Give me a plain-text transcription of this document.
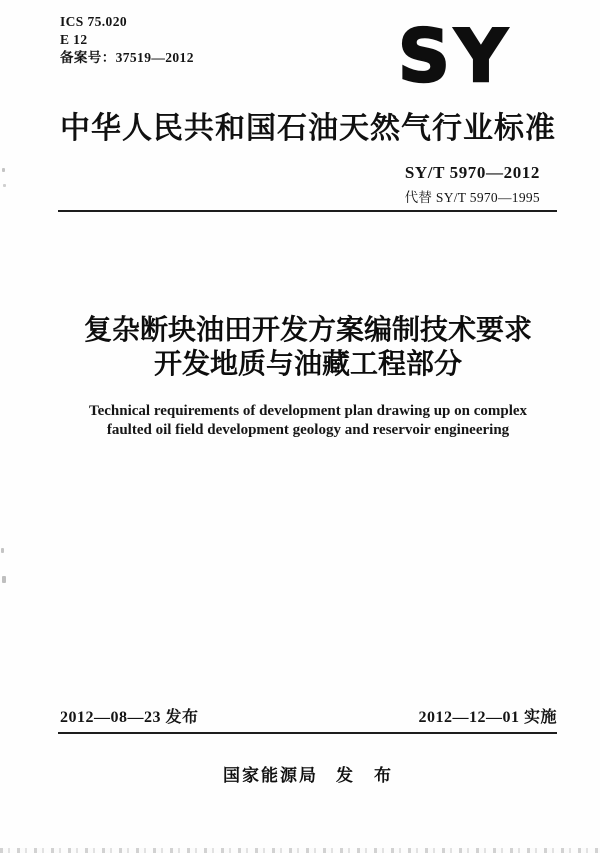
ICS 75.020
E 12
备案号：37519—2012	SY
中华人民共和国石油天然气行业标准
SY/T 5970—2012
代替 SY/T 5970—1995
复杂断块油田开发方案编制技术要求
开发地质与油藏工程部分
Technical requirements of development plan drawing up on complex
faulted oil field development geology and reservoir engineering
2012—08—23 发布	2012—12—01 实施
国家能源局 发　布
